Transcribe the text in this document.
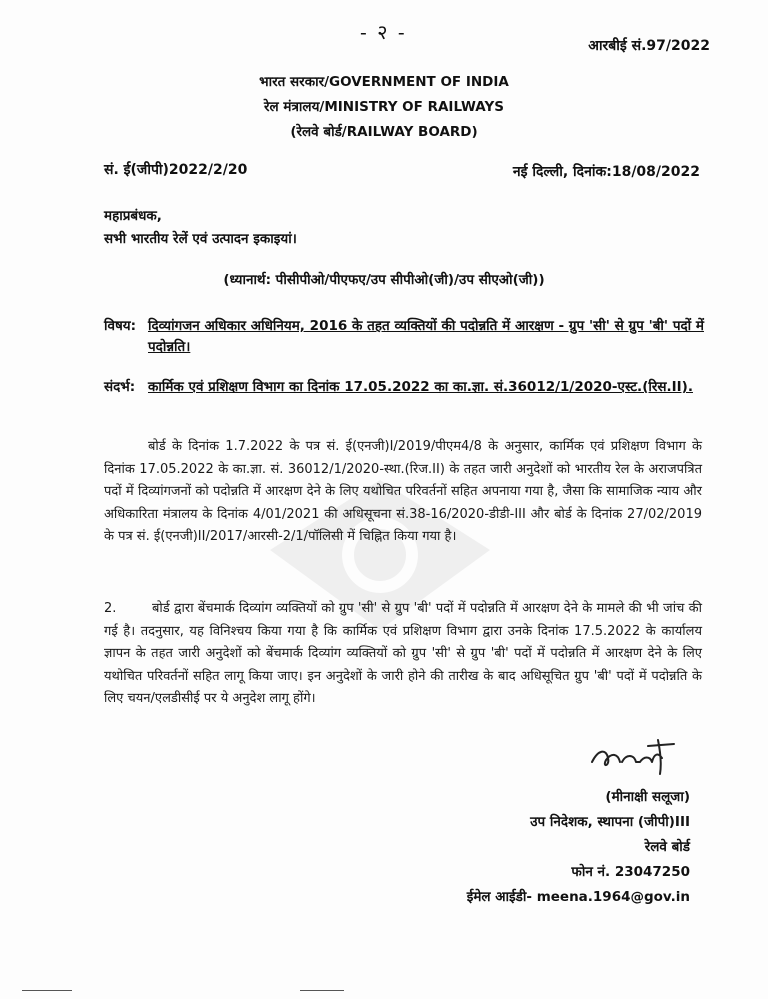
- २ -
आरबीई सं.97/2022
भारत सरकार/GOVERNMENT OF INDIA
रेल मंत्रालय/MINISTRY OF RAILWAYS
(रेलवे बोर्ड/RAILWAY BOARD)
सं. ई(जीपी)2022/2/20	नई दिल्ली, दिनांक:18/08/2022
महाप्रबंधक,
सभी भारतीय रेलें एवं उत्पादन इकाइयां।
(ध्यानार्थ: पीसीपीओ/पीएफए/उप सीपीओ(जी)/उप सीएओ(जी))
विषय: दिव्यांगजन अधिकार अधिनियम, 2016 के तहत व्यक्तियों की पदोन्नति में आरक्षण - ग्रुप 'सी' से ग्रुप 'बी' पदों में पदोन्नति।
संदर्भ: कार्मिक एवं प्रशिक्षण विभाग का दिनांक 17.05.2022 का का.ज्ञा. सं.36012/1/2020-एस्ट.(रिस.II).
बोर्ड के दिनांक 1.7.2022 के पत्र सं. ई(एनजी)I/2019/पीएम4/8 के अनुसार, कार्मिक एवं प्रशिक्षण विभाग के दिनांक 17.05.2022 के का.ज्ञा. सं. 36012/1/2020-स्था.(रिज.II) के तहत जारी अनुदेशों को भारतीय रेल के अराजपत्रित पदों में दिव्यांगजनों को पदोन्नति में आरक्षण देने के लिए यथोचित परिवर्तनों सहित अपनाया गया है, जैसा कि सामाजिक न्याय और अधिकारिता मंत्रालय के दिनांक 4/01/2021 की अधिसूचना सं.38-16/2020-डीडी-III और बोर्ड के दिनांक 27/02/2019 के पत्र सं. ई(एनजी)II/2017/आरसी-2/1/पॉलिसी में चिह्नित किया गया है।
2.	बोर्ड द्वारा बेंचमार्क दिव्यांग व्यक्तियों को ग्रुप 'सी' से ग्रुप 'बी' पदों में पदोन्नति में आरक्षण देने के मामले की भी जांच की गई है। तदनुसार, यह विनिश्चय किया गया है कि कार्मिक एवं प्रशिक्षण विभाग द्वारा उनके दिनांक 17.5.2022 के कार्यालय ज्ञापन के तहत जारी अनुदेशों को बेंचमार्क दिव्यांग व्यक्तियों को ग्रुप 'सी' से ग्रुप 'बी' पदों में पदोन्नति में आरक्षण देने के लिए यथोचित परिवर्तनों सहित लागू किया जाए। इन अनुदेशों के जारी होने की तारीख के बाद अधिसूचित ग्रुप 'बी' पदों में पदोन्नति के लिए चयन/एलडीसीई पर ये अनुदेश लागू होंगे।
(मीनाक्षी सलूजा)
उप निदेशक, स्थापना (जीपी)III
रेलवे बोर्ड
फोन नं. 23047250
ईमेल आईडी- meena.1964@gov.in
